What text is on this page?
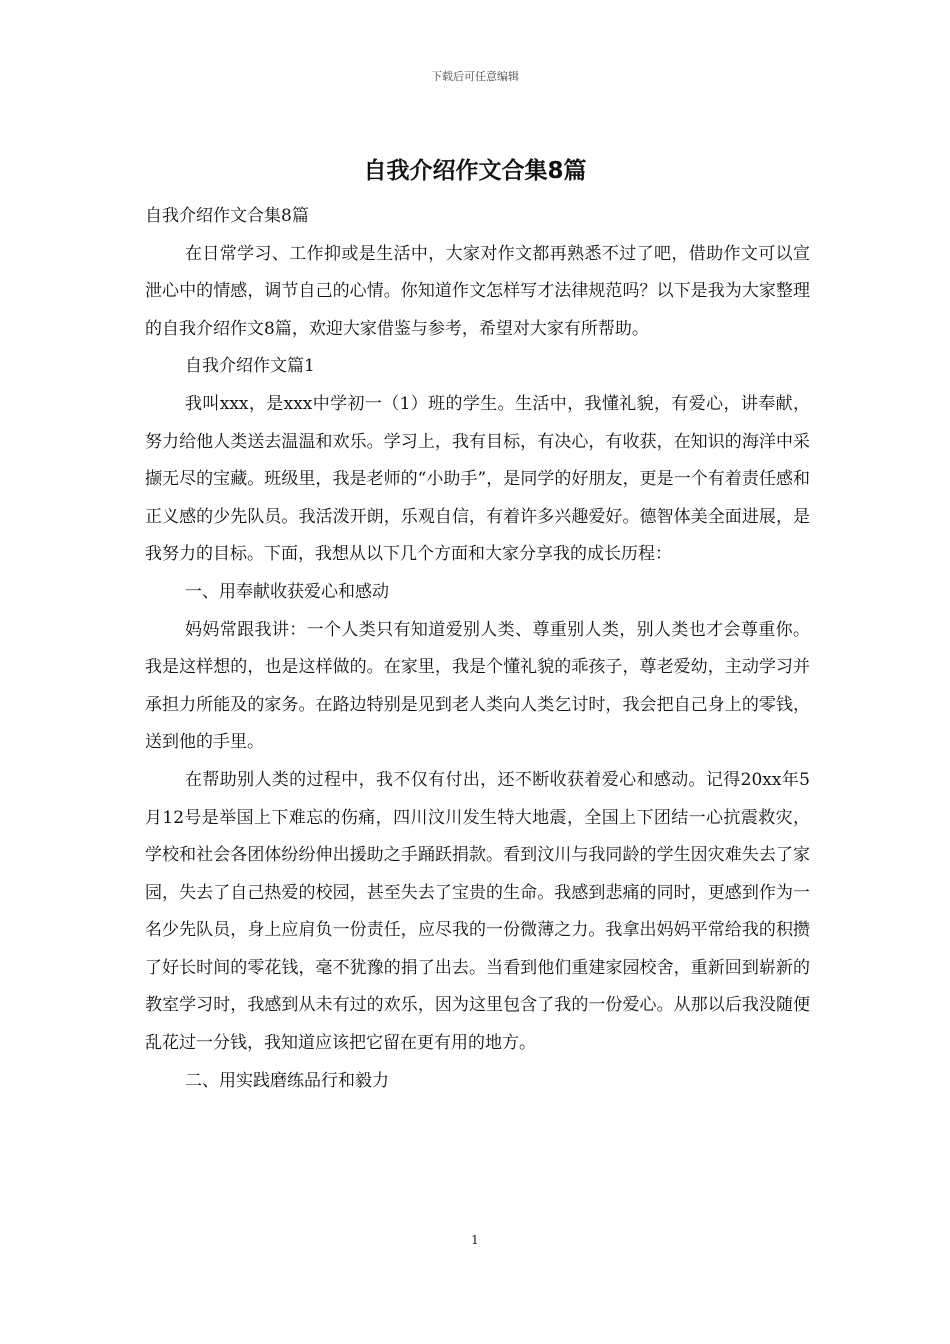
下载后可任意编辑
自我介绍作文合集8篇

自我介绍作文合集8篇

在日常学习、工作抑或是生活中，大家对作文都再熟悉不过了吧，借助作文可以宣泄心中的情感，调节自己的心情。你知道作文怎样写才法律规范吗？以下是我为大家整理的自我介绍作文8篇，欢迎大家借鉴与参考，希望对大家有所帮助。

自我介绍作文篇1

我叫xxx，是xxx中学初一（1）班的学生。生活中，我懂礼貌，有爱心，讲奉献，努力给他人类送去温温和欢乐。学习上，我有目标，有决心，有收获，在知识的海洋中采撷无尽的宝藏。班级里，我是老师的“小助手”，是同学的好朋友，更是一个有着责任感和正义感的少先队员。我活泼开朗，乐观自信，有着许多兴趣爱好。德智体美全面进展，是我努力的目标。下面，我想从以下几个方面和大家分享我的成长历程：

一、用奉献收获爱心和感动

妈妈常跟我讲：一个人类只有知道爱别人类、尊重别人类，别人类也才会尊重你。我是这样想的，也是这样做的。在家里，我是个懂礼貌的乖孩子，尊老爱幼，主动学习并承担力所能及的家务。在路边特别是见到老人类向人类乞讨时，我会把自己身上的零钱，送到他的手里。

在帮助别人类的过程中，我不仅有付出，还不断收获着爱心和感动。记得20xx年5月12号是举国上下难忘的伤痛，四川汶川发生特大地震，全国上下团结一心抗震救灾，学校和社会各团体纷纷伸出援助之手踊跃捐款。看到汶川与我同龄的学生因灾难失去了家园，失去了自己热爱的校园，甚至失去了宝贵的生命。我感到悲痛的同时，更感到作为一名少先队员，身上应肩负一份责任，应尽我的一份微薄之力。我拿出妈妈平常给我的积攒了好长时间的零花钱，毫不犹豫的捐了出去。当看到他们重建家园校舍，重新回到崭新的教室学习时，我感到从未有过的欢乐，因为这里包含了我的一份爱心。从那以后我没随便乱花过一分钱，我知道应该把它留在更有用的地方。

二、用实践磨练品行和毅力

1
